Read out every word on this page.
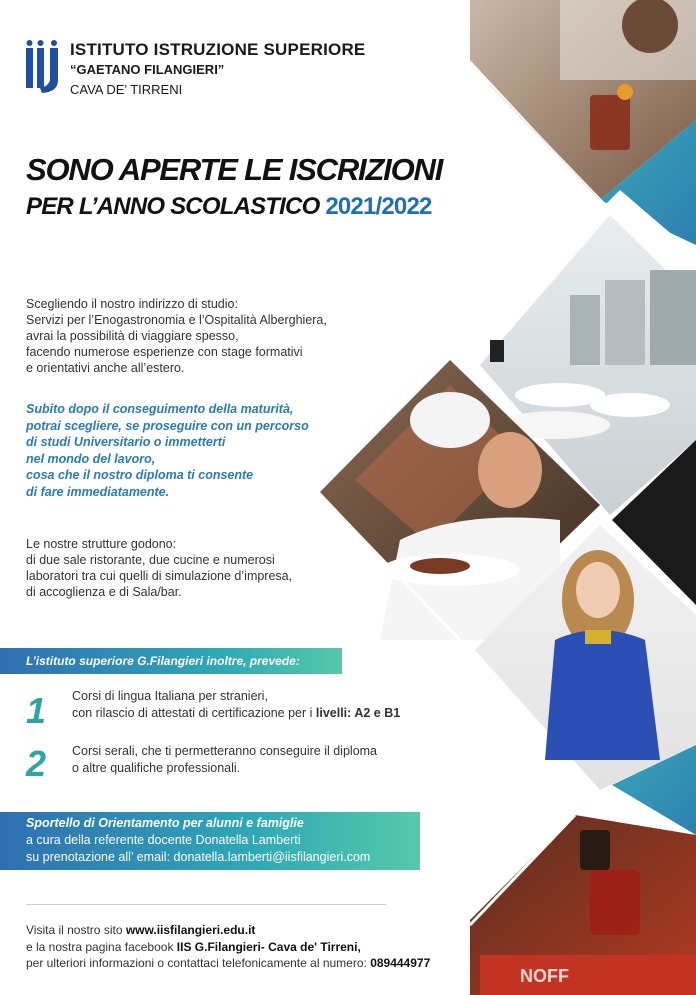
NOFF
ISTITUTO ISTRUZIONE SUPERIORE
“GAETANO FILANGIERI”
CAVA DE’ TIRRENI
SONO APERTE LE ISCRIZIONI
PER L’ANNO SCOLASTICO 2021/2022
Scegliendo il nostro indirizzo di studio:
Servizi per l’Enogastronomia e l’Ospitalità Alberghiera,
avrai la possibilità di viaggiare spesso,
facendo numerose esperienze con stage formativi
e orientativi anche all’estero.
Subito dopo il conseguimento della maturità,
potrai scegliere, se proseguire con un percorso
di studi Universitario o immetterti
nel mondo del lavoro,
cosa che il nostro diploma ti consente
di fare immediatamente.
Le nostre strutture godono:
di due sale ristorante, due cucine e numerosi
laboratori tra cui quelli di simulazione d’impresa,
di accoglienza e di Sala/bar.
L’istituto superiore G.Filangieri inoltre, prevede:
1 Corsi di lingua Italiana per stranieri,
con rilascio di attestati di certificazione per i livelli: A2 e B1
2 Corsi serali, che ti permetteranno conseguire il diploma
o altre qualifiche professionali.
Sportello di Orientamento per alunni e famiglie
a cura della referente docente Donatella Lamberti
su prenotazione all’ email: donatella.lamberti@iisfilangieri.com
Visita il nostro sito www.iisfilangieri.edu.it
e la nostra pagina facebook IIS G.Filangieri- Cava de' Tirreni,
per ulteriori informazioni o contattaci telefonicamente al numero: 089444977
